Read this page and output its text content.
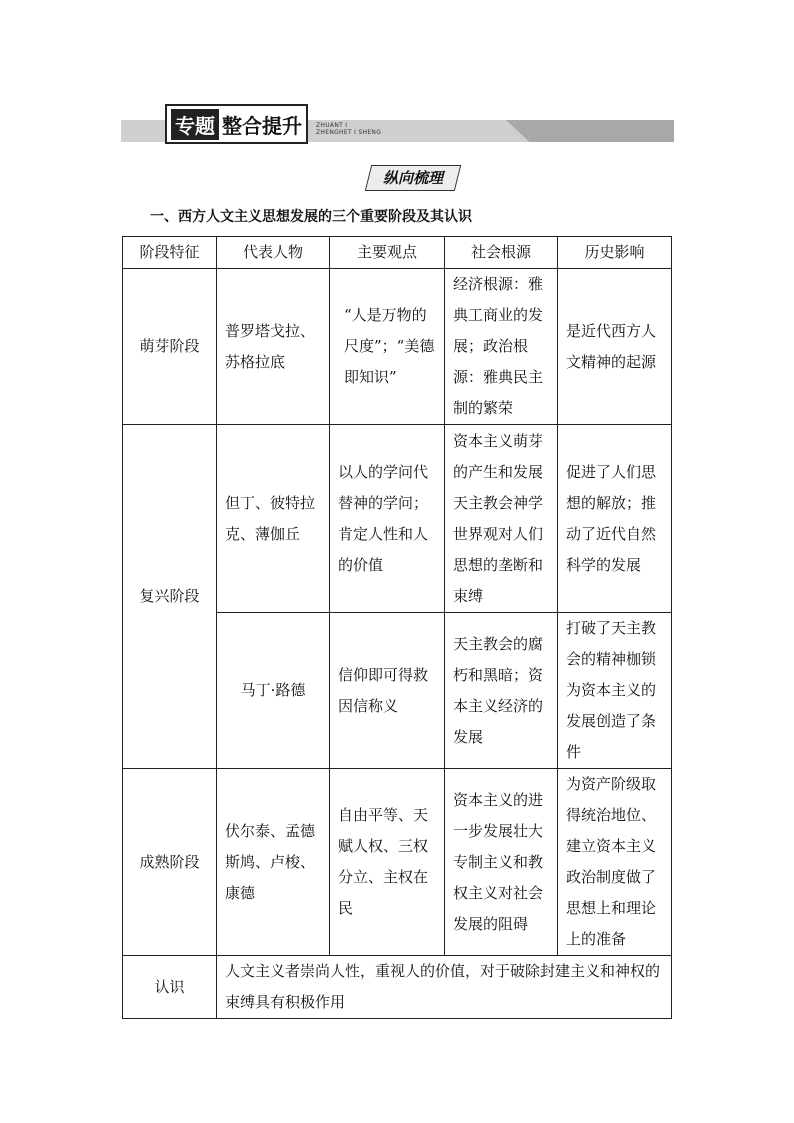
专题 整合提升 ZHUANT I
ZHENGHET I SHENG
纵向梳理
一、西方人文主义思想发展的三个重要阶段及其认识
阶段特征	代表人物	主要观点	社会根源	历史影响
萌芽阶段	普罗塔戈拉、苏格拉底	“人是万物的尺度”；“美德即知识”	经济根源：雅典工商业的发展；政治根源：雅典民主制的繁荣	是近代西方人文精神的起源
复兴阶段	但丁、彼特拉克、薄伽丘	以人的学问代替神的学问；肯定人性和人的价值	资本主义萌芽的产生和发展天主教会神学世界观对人们思想的垄断和束缚	促进了人们思想的解放；推动了近代自然科学的发展
	马丁·路德	信仰即可得救因信称义	天主教会的腐朽和黑暗；资本主义经济的发展	打破了天主教会的精神枷锁为资本主义的发展创造了条件
成熟阶段	伏尔泰、孟德斯鸠、卢梭、康德	自由平等、天赋人权、三权分立、主权在民	资本主义的进一步发展壮大专制主义和教权主义对社会发展的阻碍	为资产阶级取得统治地位、建立资本主义政治制度做了思想上和理论上的准备
认识	人文主义者崇尚人性，重视人的价值，对于破除封建主义和神权的束缚具有积极作用			
